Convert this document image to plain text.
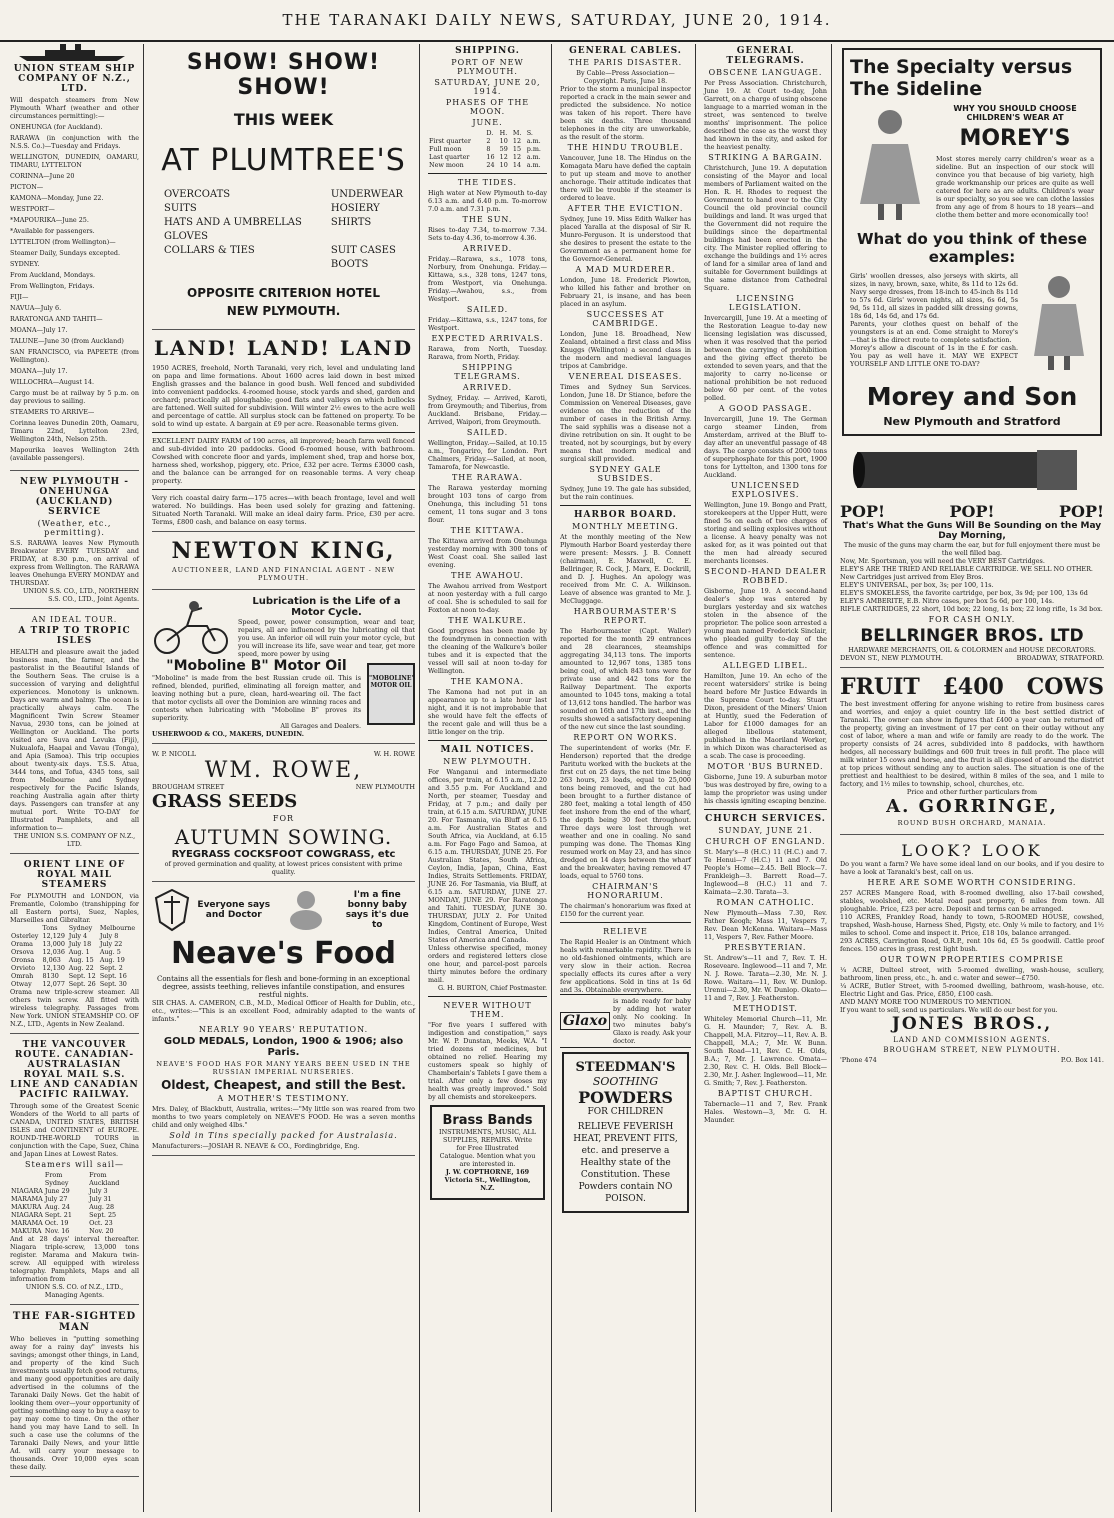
THE TARANAKI DAILY NEWS, SATURDAY, JUNE 20, 1914.
UNION STEAM SHIP COMPANY OF N.Z., LTD.

Will despatch steamers from New Plymouth Wharf (weather and other circumstances permitting):—

ONEHUNGA (for Auckland).

RARAWA (in conjunction with the N.S.S. Co.)—Tuesday and Fridays.

WELLINGTON, DUNEDIN, OAMARU, TIMARU, LYTTELTON

CORINNA—June 20

PICTON—

KAMONA—Monday, June 22.

WESTPORT—

*MAPOURIKA—June 25.

*Available for passengers.

LYTTELTON (from Wellington)—

Steamer Daily, Sundays excepted.

SYDNEY.

From Auckland, Mondays.

From Wellington, Fridays.

FIJI—

NAVUA—July 6.

RARATONGA AND TAHITI—

MOANA—July 17.

TALUNE—June 30 (from Auckland)

SAN FRANCISCO, via PAPEETE (from Wellington).

MOANA—July 17.

WILLOCHRA—August 14.

Cargo must be at railway by 5 p.m. on day previous to sailing.

STEAMERS TO ARRIVE—

Corinna leaves Dunedin 20th, Oamaru, Timaru 22nd, Lyttelton 23rd, Wellington 24th, Nelson 25th.

Mapourika leaves Wellington 24th (available passengers).

NEW PLYMOUTH - ONEHUNGA (AUCKLAND) SERVICE
(Weather, etc., permitting).
S.S. RARAWA leaves New Plymouth Breakwater EVERY TUESDAY and FRIDAY, at 8.30 p.m., on arrival of express from Wellington. The RARAWA leaves Onehunga EVERY MONDAY and THURSDAY.
UNION S.S. CO., LTD., NORTHERN S.S. CO., LTD., Joint Agents.
AN IDEAL TOUR.
A TRIP TO TROPIC ISLES
HEALTH and pleasure await the jaded business man, the farmer, and the pastoralist in the Beautiful Islands of the Southern Seas. The cruise is a succession of varying and delightful experiences. Monotony is unknown. Days are warm and balmy. The ocean is practically always calm. The Magnificent Twin Screw Steamer Navua, 2930 tons, can be joined at Wellington or Auckland. The ports visited are Suva and Levuka (Fiji), Nukualofa, Haapai and Vavau (Tonga), and Apia (Samoa). This trip occupies about twenty-six days. T.S.S. Atua, 3444 tons, and Tofua, 4345 tons, sail from Melbourne and Sydney respectively for the Pacific Islands, reaching Australia again after thirty days. Passengers can transfer at any mutual port. Write TO-DAY for Illustrated Pamphlets, and all information to—
THE UNION S.S. COMPANY OF N.Z., LTD.
ORIENT LINE OF ROYAL MAIL STEAMERS
For PLYMOUTH and LONDON, via Fremantle, Colombo (transhipping for all Eastern ports), Suez, Naples, Marseilles and Gibraltar.
	Tons	Sydney	Melbourne
Osterley	12,129	July 4	July 8
Orama	13,000	July 18	July 22
Orsova	12,036	Aug. 1	Aug. 5
Oronsa	8,063	Aug. 15	Aug. 19
Orvieto	12,130	Aug. 22	Sept. 2
Omrah	8130	Sept. 12	Sept. 16
Otway	12,077	Sept. 26	Sept. 30
Orama new triple-screw steamer. All others twin screw. All fitted with wireless telegraphy. Passages from New York. UNION STEAMSHIP CO. OF N.Z., LTD., Agents in New Zealand.
THE VANCOUVER ROUTE. CANADIAN-AUSTRALASIAN ROYAL MAIL S.S. LINE AND CANADIAN PACIFIC RAILWAY.
Through some of the Greatest Scenic Wonders of the World to all parts of CANADA, UNITED STATES, BRITISH ISLES and CONTINENT of EUROPE. ROUND-THE-WORLD TOURS in conjunction with the Cape, Suez, China and Japan Lines at Lowest Rates.
Steamers will sail—
	From Sydney	From Auckland
NIAGARA	June 29	July 3
MARAMA	July 27	July 31
MAKURA	Aug. 24	Aug. 28
NIAGARA	Sept. 21	Sept. 25
MARAMA	Oct. 19	Oct. 23
MAKURA	Nov. 16	Nov. 20
And at 28 days' interval thereafter. Niagara triple-screw, 13,000 tons register. Marama and Makura twin-screw. All equipped with wireless telegraphy. Pamphlets, Maps and all information from
UNION S.S. CO. of N.Z., LTD., Managing Agents.
THE FAR-SIGHTED MAN
Who believes in "putting something away for a rainy day" invests his savings; amongst other things, in Land, and property of the kind Such investments usually fetch good returns, and many good opportunities are daily advertised in the columns of the Taranaki Daily News. Get the habit of looking them over—your opportunity of getting something easy to buy a easy to pay may come to time. On the other hand you may have Land to sell. In such a case use the columns of the Taranaki Daily News, and your little Ad. will carry your message to thousands. Over 10,000 eyes scan these daily.
SHOW! SHOW! SHOW!
THIS WEEK
AT PLUMTREE'S
OVERCOATS
SUITS
HATS AND A UMBRELLAS
GLOVES
COLLARS & TIES
UNDERWEAR
HOSIERY
SHIRTS
SUIT CASES
BOOTS
OPPOSITE CRITERION HOTEL NEW PLYMOUTH.
LAND! LAND! LAND
1950 ACRES, freehold, North Taranaki, very rich, level and undulating land on papa and lime formations. About 1600 acres laid down in best mixed English grasses and the balance in good bush. Well fenced and subdivided into convenient paddocks. 4-roomed house, stock yards and shed, garden and orchard; practically all ploughable; good flats and valleys on which bullocks are fattened. Well suited for subdivision. Will winter 2½ ewes to the acre well and percentage of cattle. All surplus stock can be fattened on property. To be sold to wind up estate. A bargain at £9 per acre. Reasonable terms given.
EXCELLENT DAIRY FARM of 190 acres, all improved; beach farm well fenced and sub-divided into 20 paddocks. Good 6-roomed house, with bathroom. Cowshed with concrete floor and yards, implement shed, trap and horse box, harness shed, workshop, piggery, etc. Price, £32 per acre. Terms £3000 cash, and the balance can be arranged for on reasonable terms. A very cheap property.
Very rich coastal dairy farm—175 acres—with beach frontage, level and well watered. No buildings. Has been used solely for grazing and fattening. Situated North Taranaki. Will make an ideal dairy farm. Price, £30 per acre. Terms, £800 cash, and balance on easy terms.
NEWTON KING,
AUCTIONEER, LAND AND FINANCIAL AGENT - NEW PLYMOUTH.
Lubrication is the Life of a Motor Cycle.
Speed, power, power consumption, wear and tear, repairs, all are influenced by the lubricating oil that you use. An inferior oil will ruin your motor cycle, but you will increase its life, save wear and tear, get more speed, more power by using
"Moboline B" Motor Oil
"Moboline" is made from the best Russian crude oil. This is refined, blended, purified, eliminating all foreign matter, and leaving nothing but a pure, clean, hard-wearing oil. The fact that motor cyclists all over the Dominion are winning races and contests when lubricating with "Moboline B" proves its superiority.
All Garages and Dealers.
"MOBOLINE" MOTOR OIL
USHERWOOD & CO., MAKERS, DUNEDIN.
W. P. NICOLL	W. H. ROWE
WM. ROWE,
BROUGHAM STREET	NEW PLYMOUTH
GRASS SEEDS
FOR
AUTUMN SOWING.
RYEGRASS COCKSFOOT COWGRASS, etc
of proved germination and quality, at lowest prices consistent with prime quality.
Everyone says and Doctor
I'm a fine bonny baby says it's due to
Neave's Food
Contains all the essentials for flesh and bone-forming in an exceptional degree, assists teething, relieves infantile constipation, and ensures restful nights.
SIR CHAS. A. CAMERON, C.B., M.D., Medical Officer of Health for Dublin, etc., etc., writes:—"This is an excellent Food, admirably adapted to the wants of infants."
NEARLY 90 YEARS' REPUTATION.
GOLD MEDALS, London, 1900 & 1906; also Paris.
NEAVE'S FOOD HAS FOR MANY YEARS BEEN USED IN THE RUSSIAN IMPERIAL NURSERIES.
Oldest, Cheapest, and still the Best.
A MOTHER'S TESTIMONY.
Mrs. Daley, of Blackbutt, Australia, writes:—"My little son was reared from two months to two years completely on NEAVE'S FOOD. He was a seven months child and only weighed 4lbs."
Sold in Tins specially packed for Australasia.
Manufacturers:—JOSIAH R. NEAVE & CO., Fordingbridge, Eng.
SHIPPING.
PORT OF NEW PLYMOUTH.
SATURDAY, JUNE 20, 1914.
PHASES OF THE MOON.
JUNE.
	D.	H.	M.	S.
First quarter	2	10	12	a.m.
Full moon	8	59	15	p.m.
Last quarter	16	12	12	a.m.
New moon	24	10	14	a.m.
THE TIDES.
High water at New Plymouth to-day 6.13 a.m. and 6.40 p.m. To-morrow 7.0 a.m. and 7.31 p.m.
THE SUN.
Rises to-day 7.34, to-morrow 7.34. Sets to-day 4.36, to-morrow 4.36.
ARRIVED.
Friday.—Rarawa, s.s., 1078 tons, Norbury, from Onehunga. Friday.—Kittawa, s.s., 328 tons, 1247 tons, from Westport, via Onehunga. Friday.—Awahou, s.s., from Westport.
SAILED.
Friday.—Kittawa, s.s., 1247 tons, for Westport.
EXPECTED ARRIVALS.
Rarawa, from North, Tuesday. Rarawa, from North, Friday.
SHIPPING TELEGRAMS.
ARRIVED.
Sydney, Friday. — Arrived, Karoti, from Greymouth; and Tiberius, from Auckland. Brisbane, Friday.—Arrived, Waipori, from Greymouth.
SAILED.
Wellington, Friday.—Sailed, at 10.15 a.m., Tongariro, for London. Port Chalmers, Friday.—Sailed, at noon, Tamarofa, for Newcastle.
THE RARAWA.
The Rarawa yesterday morning brought 103 tons of cargo from Onehunga, this including 51 tons cement, 11 tons sugar and 3 tons flour.
THE KITTAWA.
The Kittawa arrived from Onehunga yesterday morning with 300 tons of West Coast coal. She sailed last evening.
THE AWAHOU.
The Awahou arrived from Westport at noon yesterday with a full cargo of coal. She is scheduled to sail for Foxton at noon to-day.
THE WALKURE.
Good progress has been made by the foundrymen in connection with the cleaning of the Walkure's boiler tubes and it is expected that the vessel will sail at noon to-day for Wellington.
THE KAMONA.
The Kamona had not put in an appearance up to a late hour last night, and it is not improbable that she would have felt the effects of the recent gale and will thus be a little longer on the trip.
MAIL NOTICES.
NEW PLYMOUTH.
For Wanganui and intermediate offices, per train, at 6.15 a.m., 12.20 and 3.55 p.m. For Auckland and North, per steamer, Tuesday and Friday, at 7 p.m.; and daily per train, at 6.15 a.m. SATURDAY, JUNE 20. For Tasmania, via Bluff at 6.15 a.m. For Australian States and South Africa, via Auckland, at 6.15 a.m. For Fago Fago and Samoa, at 6.15 a.m. THURSDAY, JUNE 25. For Australian States, South Africa, Ceylon, India, Japan, China, East Indies, Straits Settlements. FRIDAY, JUNE 26. For Tasmania, via Bluff, at 6.15 a.m. SATURDAY, JUNE 27. MONDAY, JUNE 29. For Raratonga and Tahiti. TUESDAY, JUNE 30. THURSDAY, JULY 2. For United Kingdom, Continent of Europe, West Indies, Central America, United States of America and Canada.
Unless otherwise specified, money orders and registered letters close one hour, and parcel-post parcels thirty minutes before the ordinary mail.
G. H. BURTON, Chief Postmaster.
NEVER WITHOUT THEM.
"For five years I suffered with indigestion and constipation," says Mr. W. P. Dunstan, Meeks, W.A. "I tried dozens of medicines, but obtained no relief. Hearing my customers speak so highly of Chamberlain's Tablets I gave them a trial. After only a few doses my health was greatly improved." Sold by all chemists and storekeepers.
Brass Bands
INSTRUMENTS, MUSIC, ALL SUPPLIES, REPAIRS. Write for Free Illustrated Catalogue. Mention what you are interested in.
J. W. COPTHORNE, 169 Victoria St., Wellington, N.Z.
GENERAL CABLES.
THE PARIS DISASTER.
By Cable—Press Association—Copyright. Paris, June 18.
Prior to the storm a municipal inspector reported a crack in the main sewer and predicted the subsidence. No notice was taken of his report. There have been six deaths. Three thousand telephones in the city are unworkable, as the result of the storm.
THE HINDU TROUBLE.
Vancouver, June 18. The Hindus on the Komagata Maru have defied the captain to put up steam and move to another anchorage. Their attitude indicates that there will be trouble if the steamer is ordered to leave.
AFTER THE EVICTION.
Sydney, June 19. Miss Edith Walker has placed Yaralla at the disposal of Sir R. Munro-Ferguson. It is understood that she desires to present the estate to the Government as a permanent home for the Governor-General.
A MAD MURDERER.
London, June 18. Frederick Plowton, who killed his father and brother on February 21, is insane, and has been placed in an asylum.
SUCCESSES AT CAMBRIDGE.
London, June 18. Broadhead, New Zealand, obtained a first class and Miss Knuggs (Wellington) a second class in the modern and medieval languages tripos at Cambridge.
VENEREAL DISEASES.
Times and Sydney Sun Services. London, June 18. Dr Stiance, before the Commission on Venereal Diseases, gave evidence on the reduction of the number of cases in the British Army. The said syphilis was a disease not a divine retribution on sin. It ought to be treated, not by scourgings, but by every means that modern medical and surgical skill provided.
SYDNEY GALE SUBSIDES.
Sydney, June 19. The gale has subsided, but the rain continues.
HARBOR BOARD.
MONTHLY MEETING.
At the monthly meeting of the New Plymouth Harbor Board yesterday there were present: Messrs. J. B. Connett (chairman), E. Maxwell, C. E. Bellringer, R. Cock, J. Marx, E. Dockrill, and D. J. Hughes. An apology was received from Mr. C. A. Wilkinson. Leave of absence was granted to Mr. J. McCluggage.
HARBOURMASTER'S REPORT.
The Harbourmaster (Capt. Waller) reported for the month 29 entrances and 28 clearances, steamships aggregating 34,113 tons. The imports amounted to 12,967 tons, 1385 tons being coal, of which 843 tons were for private use and 442 tons for the Railway Department. The exports amounted to 1045 tons, making a total of 13,612 tons handled. The harbor was sounded on 16th and 17th inst., and the results showed a satisfactory deepening of the new cut since the last sounding.
REPORT ON WORKS.
The superintendent of works (Mr. F. Henderson) reported that the dredge Paritutu worked with the buckets at the first cut on 25 days, the net time being 263 hours, 23 loads, equal to 25,000 tons being removed, and the cut had been brought to a further distance of 280 feet, making a total length of 450 feet inshore from the end of the wharf, the depth being 30 feet throughout. Three days were lost through wet weather and one in coaling. No sand pumping was done. The Thomas King resumed work on May 23, and has since dredged on 14 days between the wharf and the breakwater, having removed 47 loads, equal to 5760 tons.
CHAIRMAN'S HONORARIUM.
The chairman's honorarium was fixed at £150 for the current year.
RELIEVE
The Rapid Healer is an Ointment which heals with remarkable rapidity. There is no old-fashioned ointments, which are very slow in their action. Recrea specially effects its cures after a very few applications. Sold in tins at 1s 6d and 3s. Obtainable everywhere.
Glaxo
is made ready for baby by adding hot water only. No cooking. In two minutes baby's Glaxo is ready. Ask your doctor.
STEEDMAN'S
SOOTHING
POWDERS
FOR CHILDREN
RELIEVE FEVERISH HEAT, PREVENT FITS, etc. and preserve a Healthy state of the Constitution. These Powders contain NO POISON.
GENERAL TELEGRAMS.
OBSCENE LANGUAGE.
Per Press Association. Christchurch, June 19. At Court to-day, John Garrett, on a charge of using obscene language to a married woman in the street, was sentenced to twelve months' imprisonment. The police described the case as the worst they had known in the city, and asked for the heaviest penalty.
STRIKING A BARGAIN.
Christchurch, June 19. A deputation consisting of the Mayor and local members of Parliament waited on the Hon. R. H. Rhodes to request the Government to hand over to the City Council the old provincial council buildings and land. It was urged that the Government did not require the buildings since the departmental buildings had been erected in the city. The Minister replied offering to exchange the buildings and 1½ acres of land for a similar area of land and suitable for Government buildings at the same distance from Cathedral Square.
LICENSING LEGISLATION.
Invercargill, June 19. At a meeting of the Restoration League to-day new licensing legislation was discussed, when it was resolved that the period between the carrying of prohibition and the giving effect thereto be extended to seven years, and that the majority to carry no-license or national prohibition be not reduced below 60 per cent. of the votes polled.
A GOOD PASSAGE.
Invercargill, June 19. The German cargo steamer Linden, from Amsterdam, arrived at the Bluff to-day after an uneventful passage of 48 days. The cargo consists of 2000 tons of superphosphate for this port, 1900 tons for Lyttelton, and 1300 tons for Auckland.
UNLICENSED EXPLOSIVES.
Wellington, June 19. Bongo and Pratt, storekeepers at the Upper Hutt, were fined 5s on each of two charges of storing and selling explosives without a license. A heavy penalty was not asked for, as it was pointed out that the men had already secured merchants licenses.
SECOND-HAND DEALER ROBBED.
Gisborne, June 19. A second-hand dealer's shop was entered by burglars yesterday and six watches stolen in the absence of the proprietor. The police soon arrested a young man named Frederick Sinclair, who pleaded guilty to-day of the offence and was committed for sentence.
ALLEGED LIBEL.
Hamilton, June 19. An echo of the recent watersiders' strike is being heard before Mr Justice Edwards in the Supreme Court to-day. Stuart Dixon, president of the Miners' Union at Huntly, sued the Federation of Labor for £1000 damages for an alleged libellous statement, published in the Maoriland Worker, in which Dixon was characterised as a scab. The case is proceeding.
MOTOR 'BUS BURNED.
Gisborne, June 19. A suburban motor 'bus was destroyed by fire, owing to a lamp the proprietor was using under his chassis igniting escaping benzine.
CHURCH SERVICES.
SUNDAY, JUNE 21.
CHURCH OF ENGLAND.
St. Mary's—8 (H.C.) 11 (H.C.) and 7. Te Henui—7 (H.C.) 11 and 7. Old People's Home—2.45. Bell Block—7. Frankleigh—3. Barrett Road—7. Inglewood—8 (H.C.) 11 and 7. Kaimata—2.30. Tarata—3.
ROMAN CATHOLIC.
New Plymouth—Mass 7.30, Rev. Father Keogh; Mass 11, Vespers 7, Rev. Dean McKenna. Waitara—Mass 11, Vespers 7, Rev. Father Moore.
PRESBYTERIAN.
St. Andrew's—11 and 7, Rev. T. H. Roseveare. Inglewood—11 and 7, Mr. N. J. Rowe. Tarata—2.30, Mr. N. J. Rowe. Waitara—11, Rev. W. Dunlop. Urenui—2.30, Mr. W. Dunlop. Okato—11 and 7, Rev. J. Featherston.
METHODIST.
Whiteley Memorial Church—11, Mr. G. H. Maunder; 7, Rev. A. B. Chappell, M.A. Fitzroy—11, Rev. A. B. Chappell, M.A.; 7, Mr. W. Bunn. South Road—11, Rev. C. H. Olds, B.A.; 7, Mr. J. Lawrence. Omata—2.30, Rev. C. H. Olds. Bell Block—2.30, Mr. J. Asher. Inglewood—11, Mr. G. Smith; 7, Rev. J. Featherston.
BAPTIST CHURCH.
Tabernacle—11 and 7, Rev. Frank Hales. Westown—3, Mr. G. H. Maunder.
The Specialty versus
The Sideline
WHY YOU SHOULD CHOOSE CHILDREN'S WEAR AT
MOREY'S
Most stores merely carry children's wear as a sideline. But an inspection of our stock will convince you that because of big variety, high grade workmanship our prices are quite as well catered for here as are adults. Children's wear is our specialty, so you see we can clothe lassies from any age of from 8 hours to 18 years—and clothe them better and more economically too!
What do you think of these examples:
Girls' woollen dresses, also jerseys with skirts, all sizes, in navy, brown, saxe, white, 8s 11d to 12s 6d. Navy serge dresses, from 18-inch to 45-inch 8s 11d to 57s 6d. Girls' woven nights, all sizes, 6s 6d, 5s 9d, 5s 11d, all sizes in padded silk dressing gowns, 18s 6d, 14s 6d, and 17s 6d.
Parents, your clothes quest on behalf of the youngsters is at an end. Come straight to Morey's—that is the direct route to complete satisfaction.
Morey's allow a discount of 1s in the £ for cash. You pay as well have it. MAY WE EXPECT YOURSELF AND LITTLE ONE TO-DAY?
Morey and Son
New Plymouth and Stratford
POP!	POP!	POP!
That's What the Guns Will Be Sounding on the May Day Morning,
The music of the guns may charm the ear, but for full enjoyment there must be the well filled bag.
Now, Mr. Sportsman, you will need the VERY BEST Cartridges.
ELEY'S ARE THE TRIED AND RELIABLE CARTRIDGE. WE SELL NO OTHER.
New Cartridges just arrived from Eley Bros.
ELEY'S UNIVERSAL, per box, 3s; per 100, 11s.
ELEY'S SMOKELESS, the favorite cartridge, per box, 3s 9d; per 100, 13s 6d
ELEY'S AMBERITE, E.B. Nitro cases, per box 5s 6d, per 100, 14s.
RIFLE CARTRIDGES, 22 short, 10d box; 22 long, 1s box; 22 long rifle, 1s 3d box.
FOR CASH ONLY.
BELLRINGER BROS. LTD
HARDWARE MERCHANTS, OIL & COLORMEN and HOUSE DECORATORS.
DEVON ST., NEW PLYMOUTH.	BROADWAY, STRATFORD.
FRUIT £400 COWS
The best investment offering for anyone wishing to retire from business cares and worries, and enjoy a quiet country life in the best settled district of Taranaki. The owner can show in figures that £400 a year can be returned off the property, giving an investment of 17 per cent on their outlay without any cost of labor, where a man and wife or family are ready to do the work. The property consists of 24 acres, subdivided into 8 paddocks, with hawthorn hedges, all necessary buildings and 600 fruit trees in full profit. The place will milk winter 15 cows and horse, and the fruit is all disposed of around the district at top prices without sending any to auction sales. The situation is one of the prettiest and healthiest to be desired, within 8 miles of the sea, and 1 mile to factory, and 1½ miles to township, school, churches, etc.
Price and other further particulars from
A. GORRINGE,
ROUND BUSH ORCHARD, MANAIA.
LOOK? LOOK
Do you want a farm? We have some ideal land on our books, and if you desire to have a look at Taranaki's best, call on us.
HERE ARE SOME WORTH CONSIDERING.
257 ACRES Mangere Road, with 8-roomed dwelling, also 17-bail cowshed, stables, woolshed, etc. Metal road past property, 6 miles from town. All ploughable. Price, £23 per acre. Deposit and terms can be arranged.
110 ACRES, Frankley Road, handy to town, 5-ROOMED HOUSE, cowshed, trapshed, Wash-house, Harness Shed, Pigsty, etc. Only ¼ mile to factory, and 1½ miles to school. Come and inspect it. Price, £18 10s, balance arranged.
293 ACRES, Carrington Road, O.R.P., rent 10s 6d, £5 5s goodwill. Cattle proof fences. 150 acres in grass, rest light bush.
OUR TOWN PROPERTIES COMPRISE
¼ ACRE, Dulteel street, with 5-roomed dwelling, wash-house, scullery, bathroom, linen press, etc., h. and c. water and sewer—£750.
¼ ACRE, Butler Street, with 5-roomed dwelling, bathroom, wash-house, etc. Electric Light and Gas. Price, £850, £100 cash.
AND MANY MORE TOO NUMEROUS TO MENTION.
If you want to sell, send us particulars. We will do our best for you.
JONES BROS.,
LAND AND COMMISSION AGENTS.
BROUGHAM STREET, NEW PLYMOUTH.
'Phone 474	P.O. Box 141.
